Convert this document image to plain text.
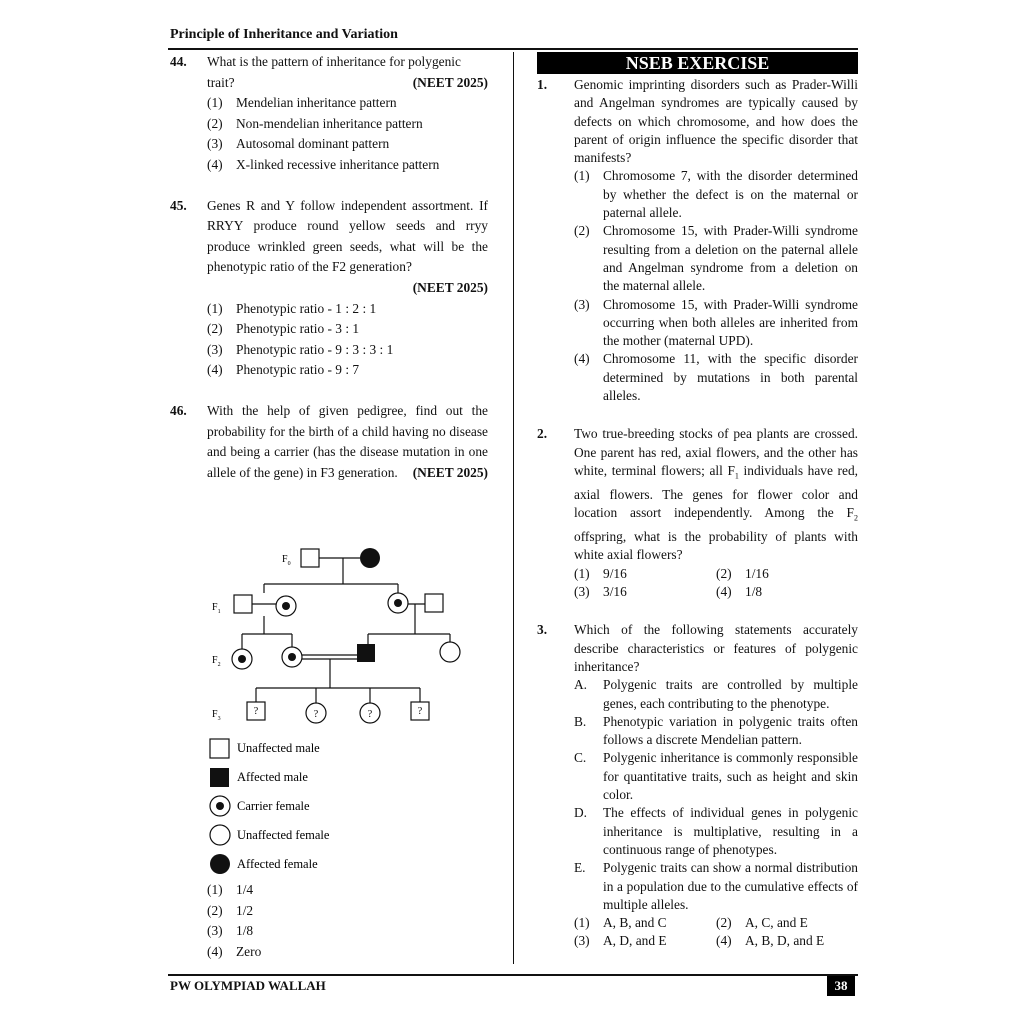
Principle of Inheritance and Variation
44. What is the pattern of inheritance for polygenic
trait?	(NEET 2025)
(1) Mendelian inheritance pattern
(2) Non-mendelian inheritance pattern
(3) Autosomal dominant pattern
(4) X-linked recessive inheritance pattern
45. Genes R and Y follow independent assortment. If RRYY produce round yellow seeds and rryy produce wrinkled green seeds, what will be the phenotypic ratio of the F2 generation?
(NEET 2025)
(1) Phenotypic ratio - 1 : 2 : 1
(2) Phenotypic ratio - 3 : 1
(3) Phenotypic ratio - 9 : 3 : 3 : 1
(4) Phenotypic ratio - 9 : 7
46. With the help of given pedigree, find out the probability for the birth of a child having no disease and being a carrier (has the disease mutation in one allele of the gene) in F3 generation. (NEET 2025)
?	?	?	?
$F_0$
$F_1$
$F_2$
$F_3$
Unaffected male
Affected male
Carrier female
Unaffected female
Affected female
(1) 1/4
(2) 1/2
(3) 1/8
(4) Zero
NSEB EXERCISE
1. Genomic imprinting disorders such as Prader-Willi and Angelman syndromes are typically caused by defects on which chromosome, and how does the parent of origin influence the specific disorder that manifests?
(1) Chromosome 7, with the disorder determined by whether the defect is on the maternal or paternal allele.
(2) Chromosome 15, with Prader-Willi syndrome resulting from a deletion on the paternal allele and Angelman syndrome from a deletion on the maternal allele.
(3) Chromosome 15, with Prader-Willi syndrome occurring when both alleles are inherited from the mother (maternal UPD).
(4) Chromosome 11, with the specific disorder determined by mutations in both parental alleles.
2. Two true-breeding stocks of pea plants are crossed. One parent has red, axial flowers, and the other has white, terminal flowers; all $F_1$ individuals have red, axial flowers. The genes for flower color and location assort independently. Among the $F_2$ offspring, what is the probability of plants with white axial flowers?
(1) 9/16	(2) 1/16
(3) 3/16	(4) 1/8
3. Which of the following statements accurately describe characteristics or features of polygenic inheritance?
A. Polygenic traits are controlled by multiple genes, each contributing to the phenotype.
B. Phenotypic variation in polygenic traits often follows a discrete Mendelian pattern.
C. Polygenic inheritance is commonly responsible for quantitative traits, such as height and skin color.
D. The effects of individual genes in polygenic inheritance is multiplative, resulting in a continuous range of phenotypes.
E. Polygenic traits can show a normal distribution in a population due to the cumulative effects of multiple alleles.
(1) A, B, and C	(2) A, C, and E
(3) A, D, and E	(4) A, B, D, and E
PW OLYMPIAD WALLAH	38
